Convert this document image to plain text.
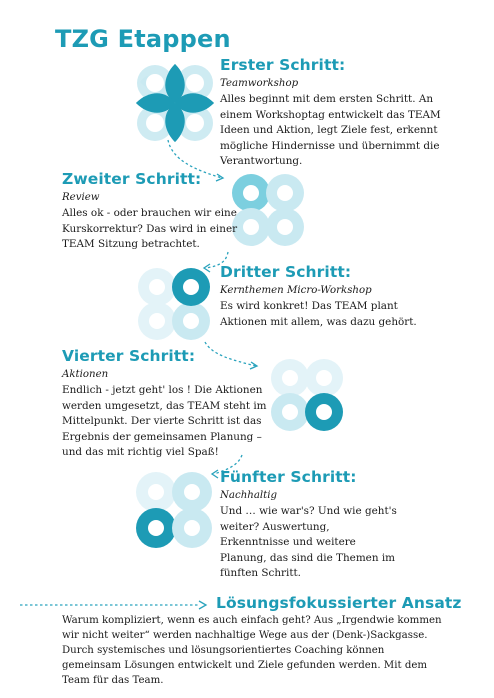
TZG Etappen
Erster Schritt:
Teamworkshop

Alles beginnt mit dem ersten Schritt. An einem Workshoptag entwickelt das TEAM Ideen und Aktion, legt Ziele fest, erkennt mögliche Hindernisse und übernimmt die Verantwortung.

Zweiter Schritt:
Review

Alles ok - oder brauchen wir eine Kurskorrektur? Das wird in einer TEAM Sitzung betrachtet.

Dritter Schritt:
Kernthemen Micro-Workshop

Es wird konkret! Das TEAM plant Aktionen mit allem, was dazu gehört.

Vierter Schritt:
Aktionen

Endlich - jetzt geht' los ! Die Aktionen werden umgesetzt, das TEAM steht im Mittelpunkt. Der vierte Schritt ist das Ergebnis der gemeinsamen Planung – und das mit richtig viel Spaß!

Fünfter Schritt:
Nachhaltig

Und … wie war's? Und wie geht's weiter? Auswertung, Erkenntnisse und weitere Planung, das sind die Themen im fünften Schritt.

Lösungsfokussierter Ansatz

Warum kompliziert, wenn es auch einfach geht? Aus „Irgendwie kommen wir nicht weiter“ werden nachhaltige Wege aus der (Denk-)Sackgasse. Durch systemisches und lösungsorientiertes Coaching können gemeinsam Lösungen entwickelt und Ziele gefunden werden. Mit dem Team für das Team.
